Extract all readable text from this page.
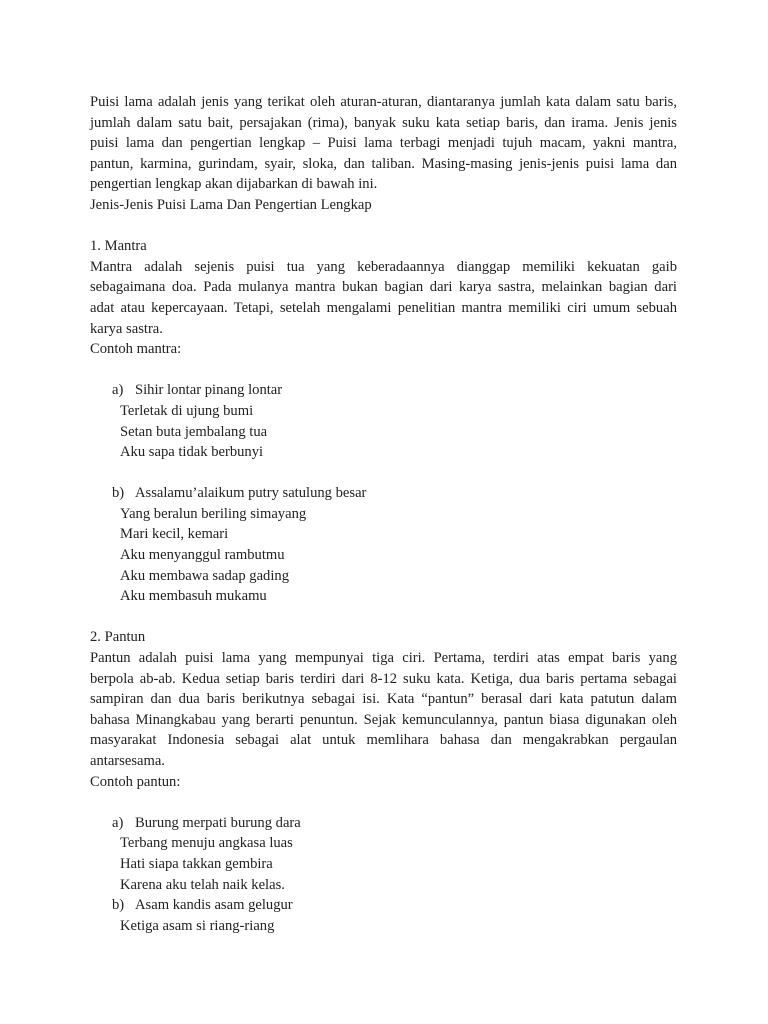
Puisi lama adalah jenis yang terikat oleh aturan-aturan, diantaranya jumlah kata dalam satu baris,
jumlah dalam satu bait, persajakan (rima), banyak suku kata setiap baris, dan irama. Jenis jenis
puisi lama dan pengertian lengkap – Puisi lama terbagi menjadi tujuh macam, yakni mantra,
pantun, karmina, gurindam, syair, sloka, dan taliban. Masing-masing jenis-jenis puisi lama dan
pengertian lengkap akan dijabarkan di bawah ini.

Jenis-Jenis Puisi Lama Dan Pengertian Lengkap
1. Mantra

Mantra adalah sejenis puisi tua yang keberadaannya dianggap memiliki kekuatan gaib
sebagaimana doa. Pada mulanya mantra bukan bagian dari karya sastra, melainkan bagian dari
adat atau kepercayaan. Tetapi, setelah mengalami penelitian mantra memiliki ciri umum sebuah
karya sastra.

Contoh mantra:
a) Sihir lontar pinang lontar
Terletak di ujung bumi
Setan buta jembalang tua
Aku sapa tidak berbunyi
b) Assalamu’alaikum putry satulung besar
Yang beralun beriling simayang
Mari kecil, kemari
Aku menyanggul rambutmu
Aku membawa sadap gading
Aku membasuh mukamu
2. Pantun

Pantun adalah puisi lama yang mempunyai tiga ciri. Pertama, terdiri atas empat baris yang
berpola ab-ab. Kedua setiap baris terdiri dari 8-12 suku kata. Ketiga, dua baris pertama sebagai
sampiran dan dua baris berikutnya sebagai isi. Kata “pantun” berasal dari kata patutun dalam
bahasa Minangkabau yang berarti penuntun. Sejak kemunculannya, pantun biasa digunakan oleh
masyarakat Indonesia sebagai alat untuk memlihara bahasa dan mengakrabkan pergaulan
antarsesama.

Contoh pantun:
a) Burung merpati burung dara
Terbang menuju angkasa luas
Hati siapa takkan gembira
Karena aku telah naik kelas.
b) Asam kandis asam gelugur
Ketiga asam si riang-riang
